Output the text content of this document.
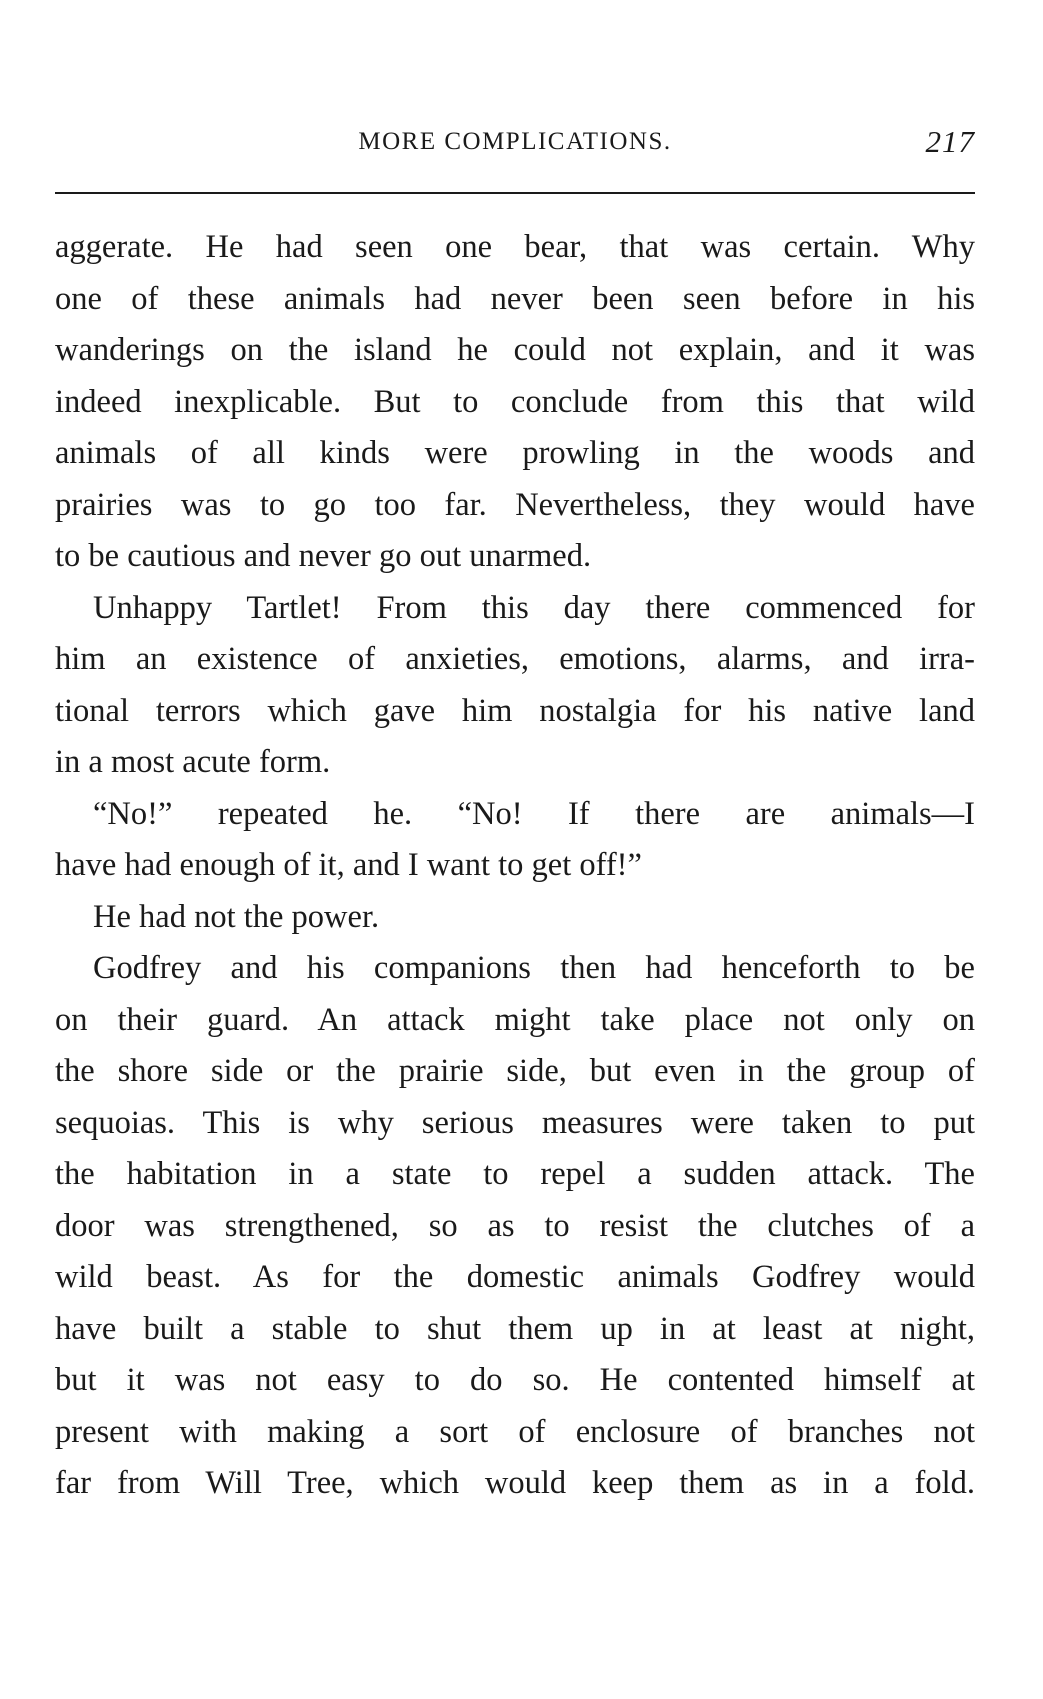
MORE COMPLICATIONS.	217
aggerate. He had seen one bear, that was certain. Why
one of these animals had never been seen before in his
wanderings on the island he could not explain, and it was
indeed inexplicable. But to conclude from this that wild
animals of all kinds were prowling in the woods and
prairies was to go too far. Nevertheless, they would have
to be cautious and never go out unarmed.
Unhappy Tartlet! From this day there commenced for
him an existence of anxieties, emotions, alarms, and irra-
tional terrors which gave him nostalgia for his native land
in a most acute form.
“No!” repeated he. “No! If there are animals—I
have had enough of it, and I want to get off!”
He had not the power.
Godfrey and his companions then had henceforth to be
on their guard. An attack might take place not only on
the shore side or the prairie side, but even in the group of
sequoias. This is why serious measures were taken to put
the habitation in a state to repel a sudden attack. The
door was strengthened, so as to resist the clutches of a
wild beast. As for the domestic animals Godfrey would
have built a stable to shut them up in at least at night,
but it was not easy to do so. He contented himself at
present with making a sort of enclosure of branches not
far from Will Tree, which would keep them as in a fold.
